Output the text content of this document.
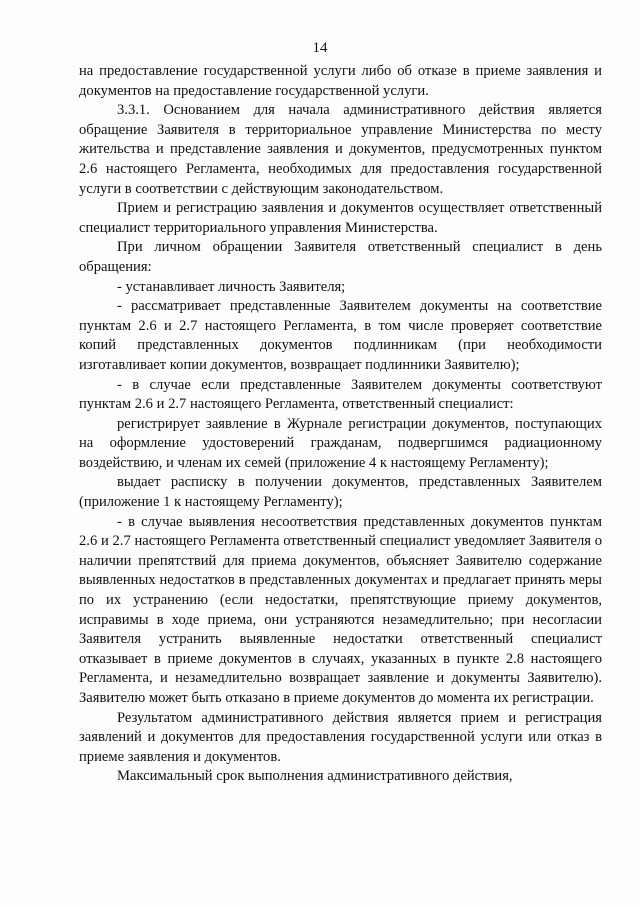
14

на предоставление государственной услуги либо об отказе в приеме заявления и документов на предоставление государственной услуги.

3.3.1. Основанием для начала административного действия является обращение Заявителя в территориальное управление Министерства по месту жительства и представление заявления и документов, предусмотренных пунктом 2.6 настоящего Регламента, необходимых для предоставления государственной услуги в соответствии с действующим законодательством.

Прием и регистрацию заявления и документов осуществляет ответственный специалист территориального управления Министерства.

При личном обращении Заявителя ответственный специалист в день обращения:

- устанавливает личность Заявителя;

- рассматривает представленные Заявителем документы на соответствие пунктам 2.6 и 2.7 настоящего Регламента, в том числе проверяет соответствие копий представленных документов подлинникам (при необходимости изготавливает копии документов, возвращает подлинники Заявителю);

- в случае если представленные Заявителем документы соответствуют пунктам 2.6 и 2.7 настоящего Регламента, ответственный специалист:

регистрирует заявление в Журнале регистрации документов, поступающих на оформление удостоверений гражданам, подвергшимся радиационному воздействию, и членам их семей (приложение 4 к настоящему Регламенту);

выдает расписку в получении документов, представленных Заявителем (приложение 1 к настоящему Регламенту);

- в случае выявления несоответствия представленных документов пунктам 2.6 и 2.7 настоящего Регламента ответственный специалист уведомляет Заявителя о наличии препятствий для приема документов, объясняет Заявителю содержание выявленных недостатков в представленных документах и предлагает принять меры по их устранению (если недостатки, препятствующие приему документов, исправимы в ходе приема, они устраняются незамедлительно; при несогласии Заявителя устранить выявленные недостатки ответственный специалист отказывает в приеме документов в случаях, указанных в пункте 2.8 настоящего Регламента, и незамедлительно возвращает заявление и документы Заявителю). Заявителю может быть отказано в приеме документов до момента их регистрации.

Результатом административного действия является прием и регистрация заявлений и документов для предоставления государственной услуги или отказ в приеме заявления и документов.

Максимальный срок выполнения административного действия,
